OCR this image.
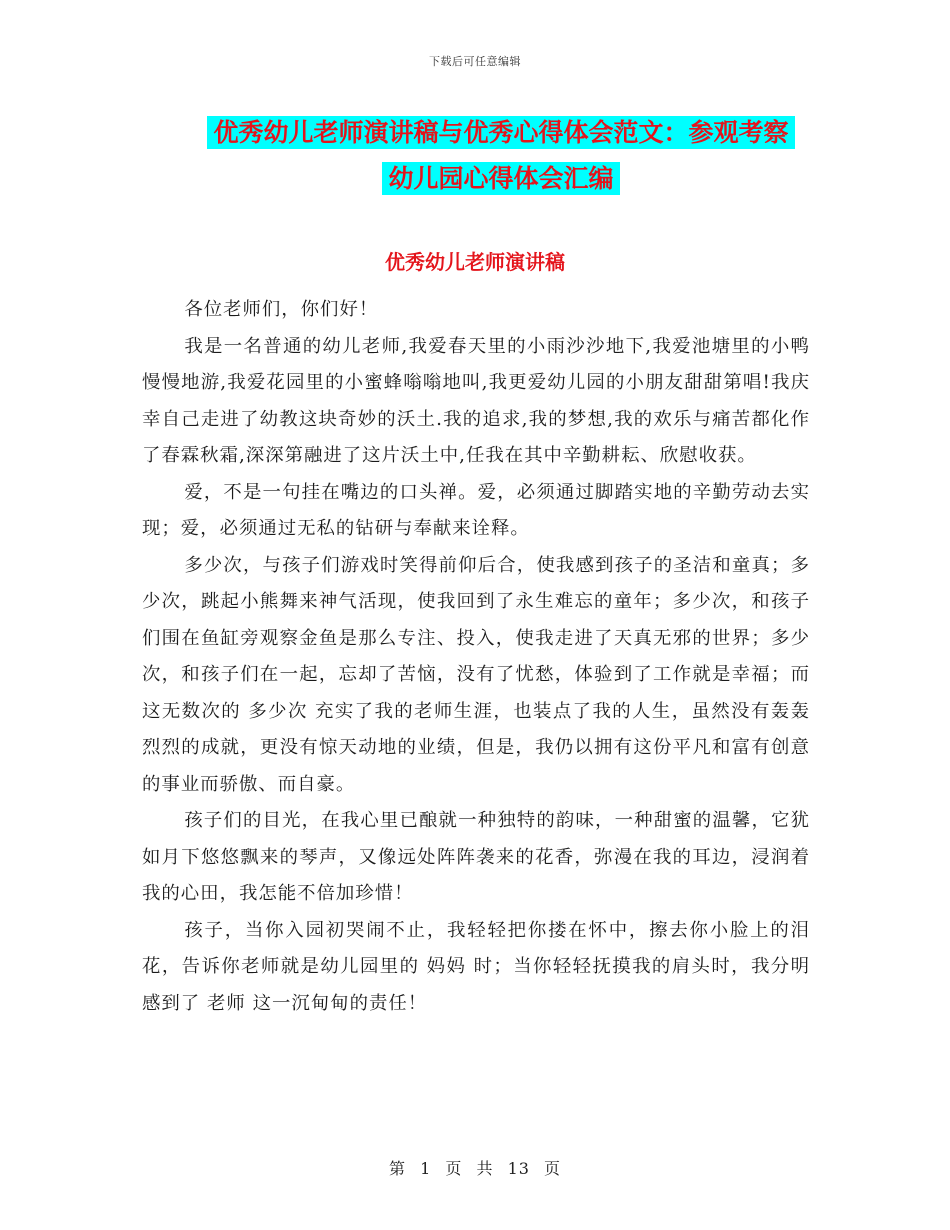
下载后可任意编辑
优秀幼儿老师演讲稿与优秀心得体会范文：参观考察
幼儿园心得体会汇编
优秀幼儿老师演讲稿

各位老师们，你们好！

我是一名普通的幼儿老师,我爱春天里的小雨沙沙地下,我爱池塘里的小鸭慢慢地游,我爱花园里的小蜜蜂嗡嗡地叫,我更爱幼儿园的小朋友甜甜第唱!我庆幸自己走进了幼教这块奇妙的沃土.我的追求,我的梦想,我的欢乐与痛苦都化作了春霖秋霜,深深第融进了这片沃土中,任我在其中辛勤耕耘、欣慰收获。

爱，不是一句挂在嘴边的口头禅。爱，必须通过脚踏实地的辛勤劳动去实现；爱，必须通过无私的钻研与奉献来诠释。

多少次，与孩子们游戏时笑得前仰后合，使我感到孩子的圣洁和童真；多少次，跳起小熊舞来神气活现，使我回到了永生难忘的童年；多少次，和孩子们围在鱼缸旁观察金鱼是那么专注、投入，使我走进了天真无邪的世界；多少次，和孩子们在一起，忘却了苦恼，没有了忧愁，体验到了工作就是幸福；而这无数次的 多少次 充实了我的老师生涯，也装点了我的人生，虽然没有轰轰烈烈的成就，更没有惊天动地的业绩，但是，我仍以拥有这份平凡和富有创意的事业而骄傲、而自豪。

孩子们的目光，在我心里已酿就一种独特的韵味，一种甜蜜的温馨，它犹如月下悠悠飘来的琴声，又像远处阵阵袭来的花香，弥漫在我的耳边，浸润着我的心田，我怎能不倍加珍惜！

孩子，当你入园初哭闹不止，我轻轻把你搂在怀中，擦去你小脸上的泪花，告诉你老师就是幼儿园里的 妈妈 时；当你轻轻抚摸我的肩头时，我分明感到了 老师 这一沉甸甸的责任！

第 1 页 共 13 页
